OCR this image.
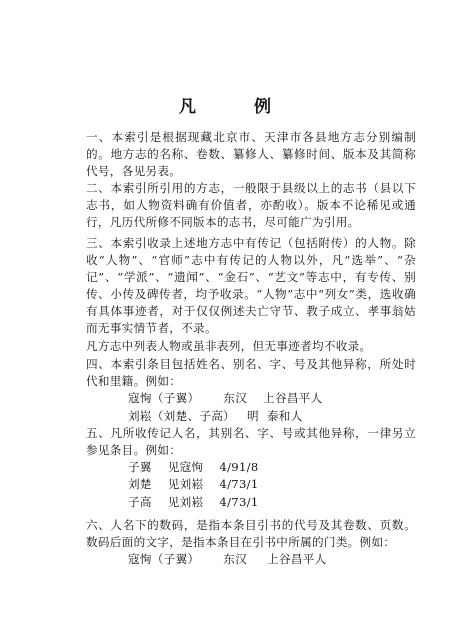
凡 例
一、本索引是根据现藏北京市、天津市各县地方志分别编制的。地方志的名称、卷数、纂修人、纂修时间、版本及其简称代号，各见另表。
二、本索引所引用的方志，一般限于县级以上的志书（县以下志书，如人物资料确有价值者，亦酌收）。版本不论稀见或通行，凡历代所修不同版本的志书，尽可能广为引用。
三、本索引收录上述地方志中有传记（包括附传）的人物。除收“人物”、“官师”志中有传记的人物以外，凡“选举”、“杂记”、“学派”、“遗闻”、“金石”、“艺文”等志中，有专传、别传、小传及碑传者，均予收录。“人物”志中“列女”类，选收确有具体事迹者，对于仅仅例述夫亡守节、教子成立、孝事翁姑而无事实情节者，不录。
凡方志中列表人物或虽非表列，但无事迹者均不收录。
四、本索引条目包括姓名、别名、字、号及其他异称，所处时代和里籍。例如：
寇恂（子翼） 东汉 上谷昌平人
刘崧（刘楚、子高） 明 泰和人
五、凡所收传记人名，其别名、字、号或其他异称，一律另立参见条目。例如：
子翼 见寇恂 4/91/8
刘楚 见刘崧 4/73/1
子高 见刘崧 4/73/1
六、人名下的数码，是指本条目引书的代号及其卷数、页数。数码后面的文字，是指本条目在引书中所属的门类。例如：
寇恂（子翼） 东汉 上谷昌平人
